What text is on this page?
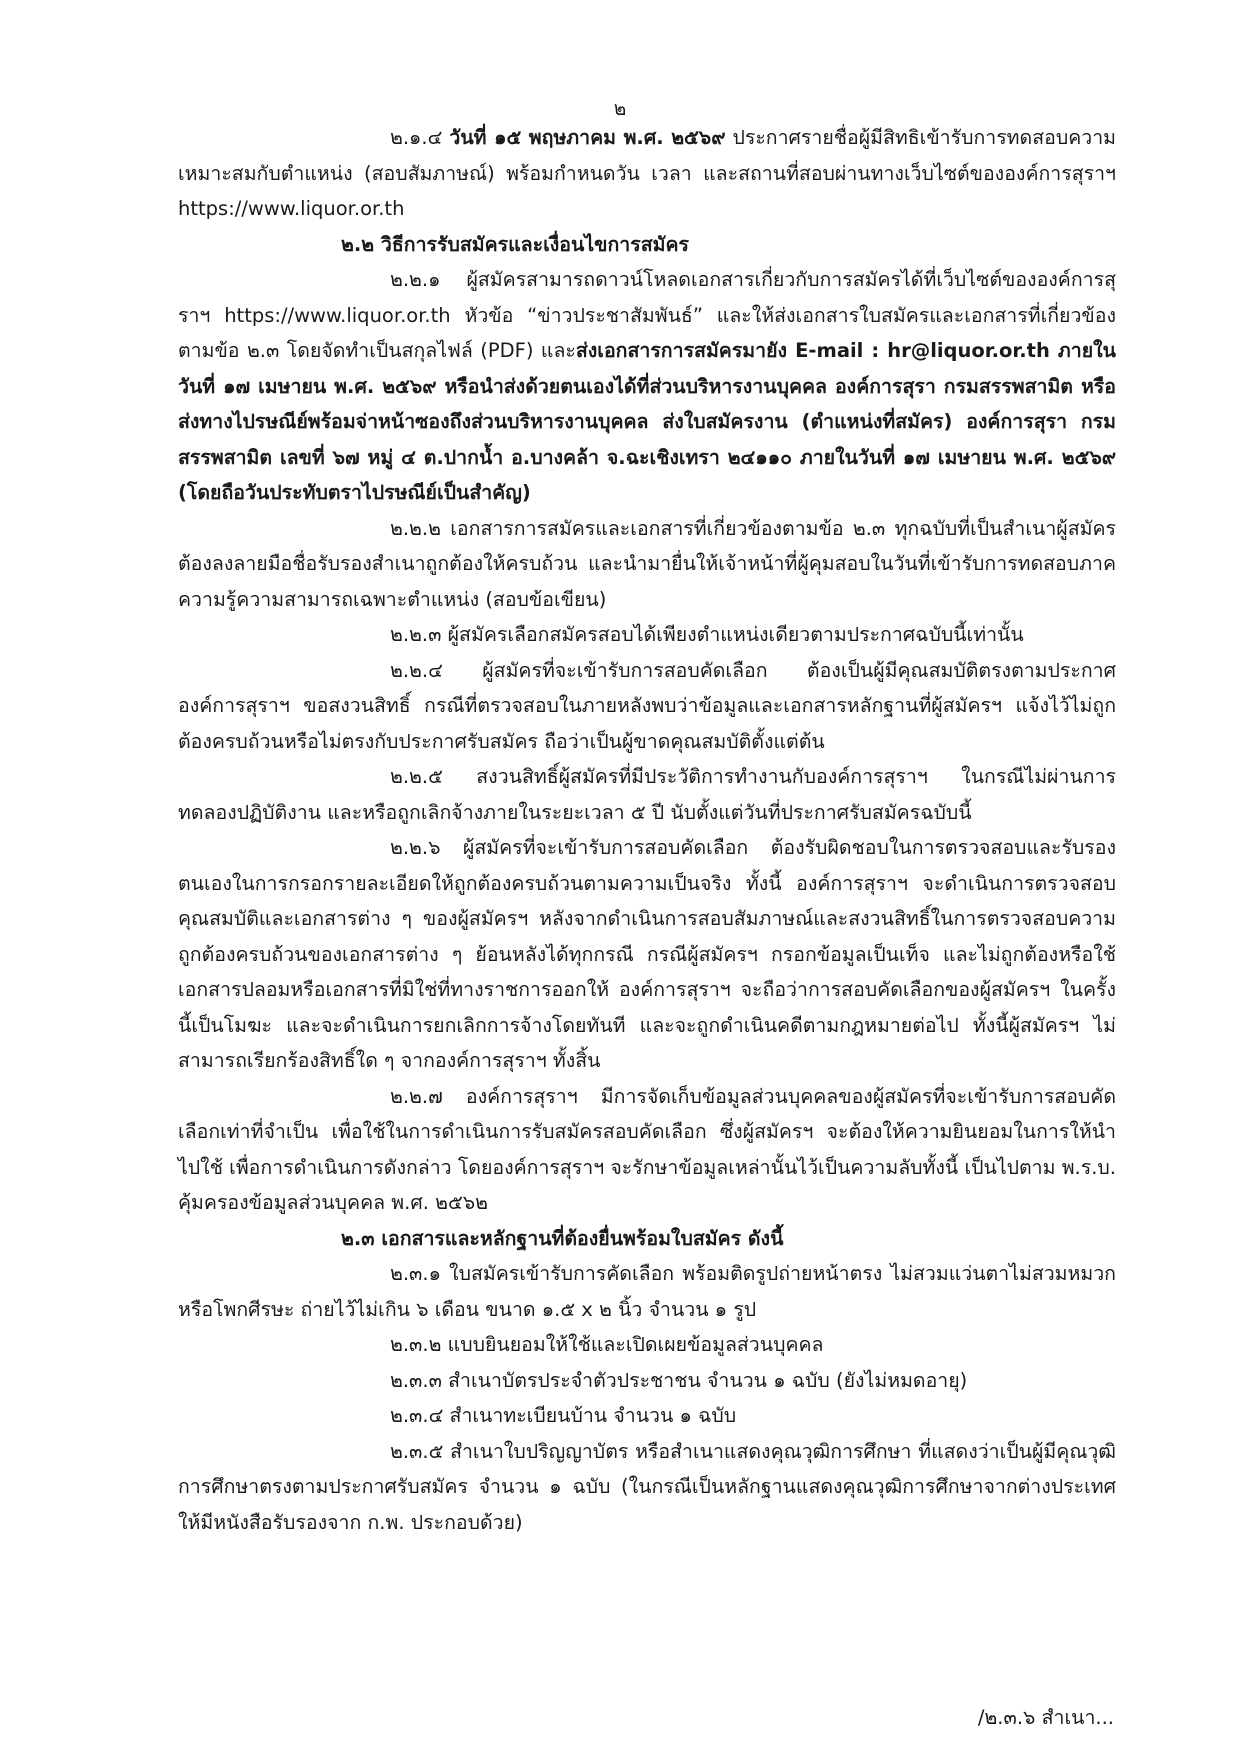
๒

๒.๑.๔ วันที่ ๑๕ พฤษภาคม พ.ศ. ๒๕๖๙ ประกาศรายชื่อผู้มีสิทธิเข้ารับการทดสอบความเหมาะสมกับตำแหน่ง (สอบสัมภาษณ์) พร้อมกำหนดวัน เวลา และสถานที่สอบผ่านทางเว็บไซต์ขององค์การสุราฯ https://www.liquor.or.th

๒.๒ วิธีการรับสมัครและเงื่อนไขการสมัคร

๒.๒.๑ ผู้สมัครสามารถดาวน์โหลดเอกสารเกี่ยวกับการสมัครได้ที่เว็บไซต์ขององค์การสุราฯ https://www.liquor.or.th หัวข้อ “ข่าวประชาสัมพันธ์” และให้ส่งเอกสารใบสมัครและเอกสารที่เกี่ยวข้องตามข้อ ๒.๓ โดยจัดทำเป็นสกุลไฟล์ (PDF) และส่งเอกสารการสมัครมายัง E-mail : hr@liquor.or.th ภายในวันที่ ๑๗ เมษายน พ.ศ. ๒๕๖๙ หรือนำส่งด้วยตนเองได้ที่ส่วนบริหารงานบุคคล องค์การสุรา กรมสรรพสามิต หรือส่งทางไปรษณีย์พร้อมจ่าหน้าซองถึงส่วนบริหารงานบุคคล ส่งใบสมัครงาน (ตำแหน่งที่สมัคร) องค์การสุรา กรมสรรพสามิต เลขที่ ๖๗ หมู่ ๔ ต.ปากน้ำ อ.บางคล้า จ.ฉะเชิงเทรา ๒๔๑๑๐ ภายในวันที่ ๑๗ เมษายน พ.ศ. ๒๕๖๙ (โดยถือวันประทับตราไปรษณีย์เป็นสำคัญ)

๒.๒.๒ เอกสารการสมัครและเอกสารที่เกี่ยวข้องตามข้อ ๒.๓ ทุกฉบับที่เป็นสำเนาผู้สมัครต้องลงลายมือชื่อรับรองสำเนาถูกต้องให้ครบถ้วน และนำมายื่นให้เจ้าหน้าที่ผู้คุมสอบในวันที่เข้ารับการทดสอบภาคความรู้ความสามารถเฉพาะตำแหน่ง (สอบข้อเขียน)

๒.๒.๓ ผู้สมัครเลือกสมัครสอบได้เพียงตำแหน่งเดียวตามประกาศฉบับนี้เท่านั้น

๒.๒.๔ ผู้สมัครที่จะเข้ารับการสอบคัดเลือก ต้องเป็นผู้มีคุณสมบัติตรงตามประกาศองค์การสุราฯ ขอสงวนสิทธิ์ กรณีที่ตรวจสอบในภายหลังพบว่าข้อมูลและเอกสารหลักฐานที่ผู้สมัครฯ แจ้งไว้ไม่ถูกต้องครบถ้วนหรือไม่ตรงกับประกาศรับสมัคร ถือว่าเป็นผู้ขาดคุณสมบัติตั้งแต่ต้น

๒.๒.๕ สงวนสิทธิ์ผู้สมัครที่มีประวัติการทำงานกับองค์การสุราฯ ในกรณีไม่ผ่านการทดลองปฏิบัติงาน และหรือถูกเลิกจ้างภายในระยะเวลา ๕ ปี นับตั้งแต่วันที่ประกาศรับสมัครฉบับนี้

๒.๒.๖ ผู้สมัครที่จะเข้ารับการสอบคัดเลือก ต้องรับผิดชอบในการตรวจสอบและรับรองตนเองในการกรอกรายละเอียดให้ถูกต้องครบถ้วนตามความเป็นจริง ทั้งนี้ องค์การสุราฯ จะดำเนินการตรวจสอบคุณสมบัติและเอกสารต่าง ๆ ของผู้สมัครฯ หลังจากดำเนินการสอบสัมภาษณ์และสงวนสิทธิ์ในการตรวจสอบความถูกต้องครบถ้วนของเอกสารต่าง ๆ ย้อนหลังได้ทุกกรณี กรณีผู้สมัครฯ กรอกข้อมูลเป็นเท็จ และไม่ถูกต้องหรือใช้เอกสารปลอมหรือเอกสารที่มิใช่ที่ทางราชการออกให้ องค์การสุราฯ จะถือว่าการสอบคัดเลือกของผู้สมัครฯ ในครั้งนี้เป็นโมฆะ และจะดำเนินการยกเลิกการจ้างโดยทันที และจะถูกดำเนินคดีตามกฎหมายต่อไป ทั้งนี้ผู้สมัครฯ ไม่สามารถเรียกร้องสิทธิ์ใด ๆ จากองค์การสุราฯ ทั้งสิ้น

๒.๒.๗ องค์การสุราฯ มีการจัดเก็บข้อมูลส่วนบุคคลของผู้สมัครที่จะเข้ารับการสอบคัดเลือกเท่าที่จำเป็น เพื่อใช้ในการดำเนินการรับสมัครสอบคัดเลือก ซึ่งผู้สมัครฯ จะต้องให้ความยินยอมในการให้นำไปใช้ เพื่อการดำเนินการดังกล่าว โดยองค์การสุราฯ จะรักษาข้อมูลเหล่านั้นไว้เป็นความลับทั้งนี้ เป็นไปตาม พ.ร.บ. คุ้มครองข้อมูลส่วนบุคคล พ.ศ. ๒๕๖๒

๒.๓ เอกสารและหลักฐานที่ต้องยื่นพร้อมใบสมัคร ดังนี้

๒.๓.๑ ใบสมัครเข้ารับการคัดเลือก พร้อมติดรูปถ่ายหน้าตรง ไม่สวมแว่นตาไม่สวมหมวกหรือโพกศีรษะ ถ่ายไว้ไม่เกิน ๖ เดือน ขนาด ๑.๕ x ๒ นิ้ว จำนวน ๑ รูป

๒.๓.๒ แบบยินยอมให้ใช้และเปิดเผยข้อมูลส่วนบุคคล

๒.๓.๓ สำเนาบัตรประจำตัวประชาชน จำนวน ๑ ฉบับ (ยังไม่หมดอายุ)

๒.๓.๔ สำเนาทะเบียนบ้าน จำนวน ๑ ฉบับ

๒.๓.๕ สำเนาใบปริญญาบัตร หรือสำเนาแสดงคุณวุฒิการศึกษา ที่แสดงว่าเป็นผู้มีคุณวุฒิการศึกษาตรงตามประกาศรับสมัคร จำนวน ๑ ฉบับ (ในกรณีเป็นหลักฐานแสดงคุณวุฒิการศึกษาจากต่างประเทศให้มีหนังสือรับรองจาก ก.พ. ประกอบด้วย)

/๒.๓.๖ สำเนา...
